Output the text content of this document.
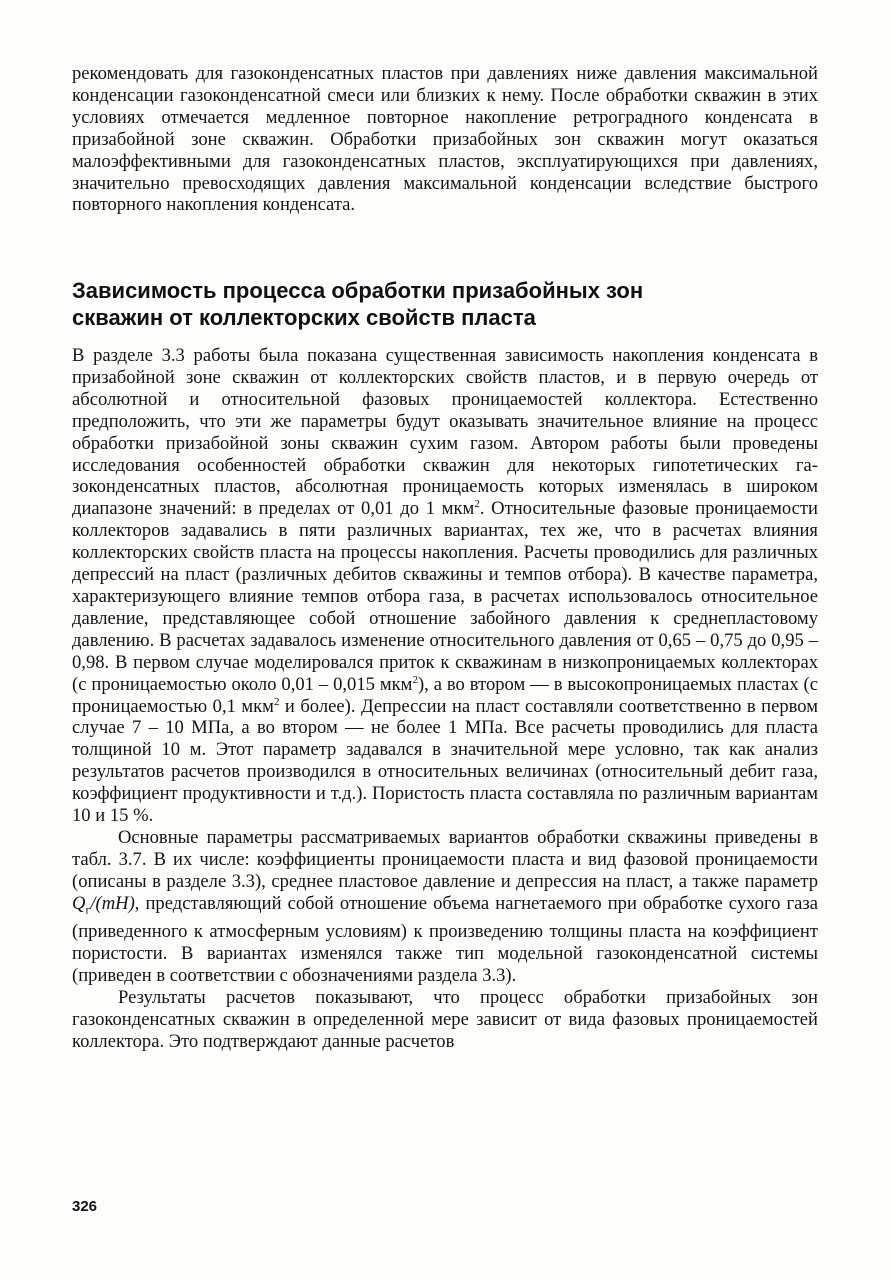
рекомендовать для газоконденсатных пластов при давлениях ниже давления максимальной конденсации газоконденсатной смеси или близких к нему. После обработки скважин в этих условиях отмечается медленное повторное накопление ретроградного конденсата в призабойной зоне скважин. Обработки призабойных зон скважин могут оказаться малоэффективными для газоконденсатных пластов, эксплуатирующихся при давлениях, значительно превосходящих давления максимальной конденсации вследствие быстрого повторного накопления конденсата.

Зависимость процесса обработки призабойных зон
скважин от коллекторских свойств пласта

В разделе 3.3 работы была показана существенная зависимость накопления конденсата в призабойной зоне скважин от коллекторских свойств пластов, и в первую очередь от абсолютной и относительной фазовых проницаемостей коллектора. Естественно предположить, что эти же параметры будут оказывать значительное влияние на процесс обработки призабойной зоны скважин сухим газом. Автором работы были проведены исследования особенностей обработки скважин для некоторых гипотетических газоконденсатных пластов, абсолютная проницаемость которых изменялась в широком диапазоне значений: в пределах от 0,01 до 1 мкм$^2$. Относительные фазовые проницаемости коллекторов задавались в пяти различных вариантах, тех же, что в расчетах влияния коллекторских свойств пласта на процессы накопления. Расчеты проводились для различных депрессий на пласт (различных дебитов скважины и темпов отбора). В качестве параметра, характеризующего влияние темпов отбора газа, в расчетах использовалось относительное давление, представляющее собой отношение забойного давления к среднепластовому давлению. В расчетах задавалось изменение относительного давления от 0,65 – 0,75 до 0,95 – 0,98. В первом случае моделировался приток к скважинам в низкопроницаемых коллекторах (с проницаемостью около 0,01 – 0,015 мкм$^2$), а во втором — в высокопроницаемых пластах (с проницаемостью 0,1 мкм$^2$ и более). Депрессии на пласт составляли соответственно в первом случае 7 – 10 МПа, а во втором — не более 1 МПа. Все расчеты проводились для пласта толщиной 10 м. Этот параметр задавался в значительной мере условно, так как анализ результатов расчетов производился в относительных величинах (относительный дебит газа, коэффициент продуктивности и т.д.). Пористость пласта составляла по различным вариантам 10 и 15 %.

Основные параметры рассматриваемых вариантов обработки скважины приведены в табл. 3.7. В их числе: коэффициенты проницаемости пласта и вид фазовой проницаемости (описаны в разделе 3.3), среднее пластовое давление и депрессия на пласт, а также параметр $Q_г/(mH)$, представляющий собой отношение объема нагнетаемого при обработке сухого газа (приведенного к атмосферным условиям) к произведению толщины пласта на коэффициент пористости. В вариантах изменялся также тип модельной газоконденсатной системы (приведен в соответствии с обозначениями раздела 3.3).

Результаты расчетов показывают, что процесс обработки призабойных зон газоконденсатных скважин в определенной мере зависит от вида фазовых проницаемостей коллектора. Это подтверждают данные расчетов

326
